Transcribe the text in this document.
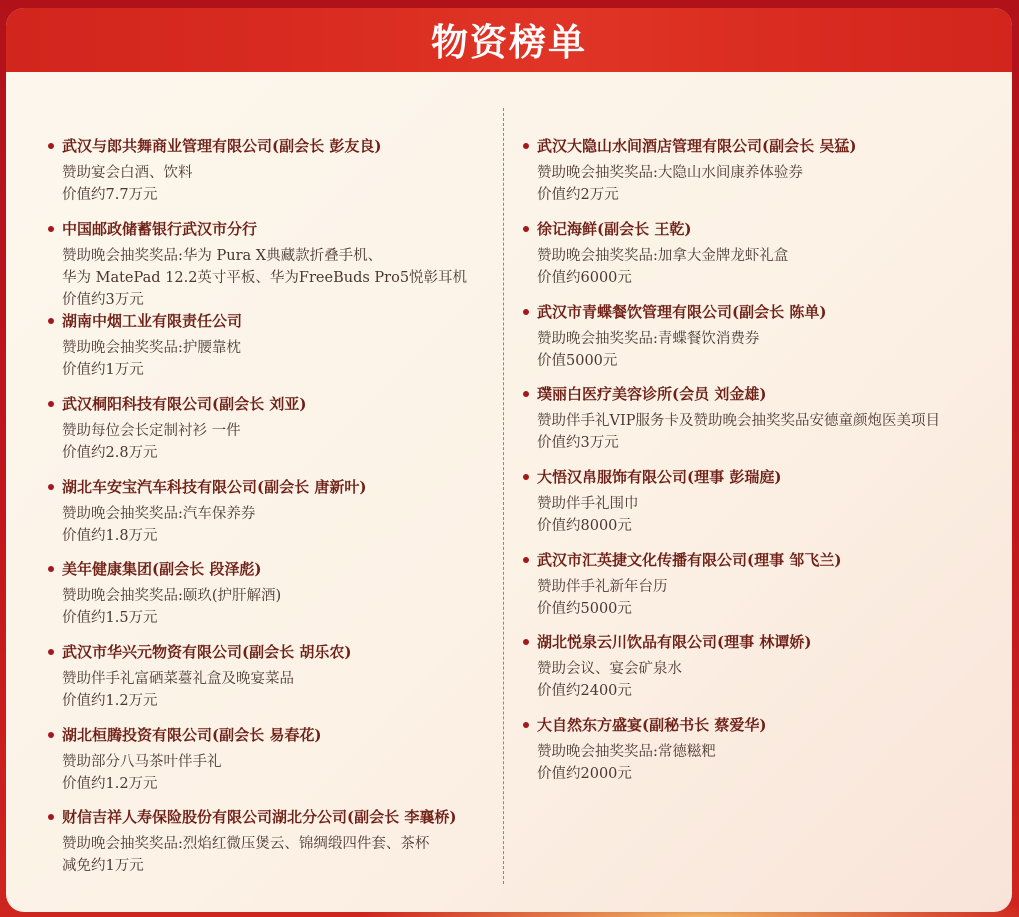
物资榜单
武汉与郎共舞商业管理有限公司(副会长 彭友良)
赞助宴会白酒、饮料
价值约7.7万元
中国邮政储蓄银行武汉市分行
赞助晚会抽奖奖品:华为 Pura X典藏款折叠手机、
华为 MatePad 12.2英寸平板、华为FreeBuds Pro5悦彰耳机
价值约3万元
湖南中烟工业有限责任公司
赞助晚会抽奖奖品:护腰靠枕
价值约1万元
武汉桐阳科技有限公司(副会长 刘亚)
赞助每位会长定制衬衫 一件
价值约2.8万元
湖北车安宝汽车科技有限公司(副会长 唐新叶)
赞助晚会抽奖奖品:汽车保养券
价值约1.8万元
美年健康集团(副会长 段泽彪)
赞助晚会抽奖奖品:颐玖(护肝解酒)
价值约1.5万元
武汉市华兴元物资有限公司(副会长 胡乐农)
赞助伴手礼富硒菜薹礼盒及晚宴菜品
价值约1.2万元
湖北桓腾投资有限公司(副会长 易春花)
赞助部分八马茶叶伴手礼
价值约1.2万元
财信吉祥人寿保险股份有限公司湖北分公司(副会长 李襄桥)
赞助晚会抽奖奖品:烈焰红微压煲云、锦绸缎四件套、茶杯
减免约1万元
武汉大隐山水间酒店管理有限公司(副会长 吴猛)
赞助晚会抽奖奖品:大隐山水间康养体验券
价值约2万元
徐记海鲜(副会长 王乾)
赞助晚会抽奖奖品:加拿大金牌龙虾礼盒
价值约6000元
武汉市青蝶餐饮管理有限公司(副会长 陈单)
赞助晚会抽奖奖品:青蝶餐饮消费券
价值5000元
璞丽白医疗美容诊所(会员 刘金雄)
赞助伴手礼VIP服务卡及赞助晚会抽奖奖品安德童颜炮医美项目
价值约3万元
大悟汉帛服饰有限公司(理事 彭瑞庭)
赞助伴手礼围巾
价值约8000元
武汉市汇英捷文化传播有限公司(理事 邹飞兰)
赞助伴手礼新年台历
价值约5000元
湖北悦泉云川饮品有限公司(理事 林谭娇)
赞助会议、宴会矿泉水
价值约2400元
大自然东方盛宴(副秘书长 蔡爱华)
赞助晚会抽奖奖品:常德糍粑
价值约2000元
